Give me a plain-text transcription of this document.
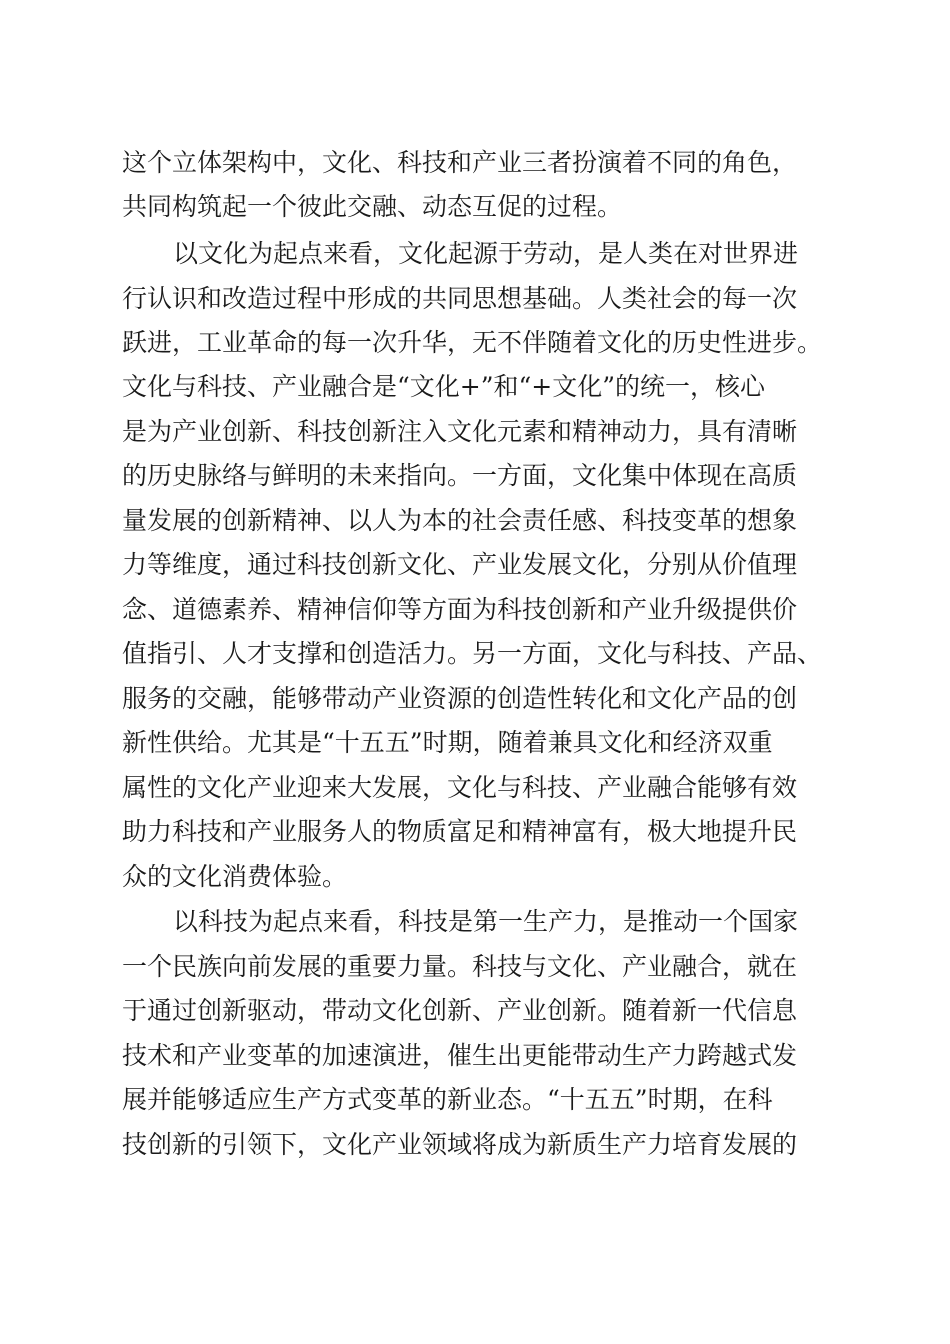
这个立体架构中，文化、科技和产业三者扮演着不同的角色，
共同构筑起一个彼此交融、动态互促的过程。
以文化为起点来看，文化起源于劳动，是人类在对世界进
行认识和改造过程中形成的共同思想基础。人类社会的每一次
跃进，工业革命的每一次升华，无不伴随着文化的历史性进步。
文化与科技、产业融合是“文化+”和“+文化”的统一，核心
是为产业创新、科技创新注入文化元素和精神动力，具有清晰
的历史脉络与鲜明的未来指向。一方面，文化集中体现在高质
量发展的创新精神、以人为本的社会责任感、科技变革的想象
力等维度，通过科技创新文化、产业发展文化，分别从价值理
念、道德素养、精神信仰等方面为科技创新和产业升级提供价
值指引、人才支撑和创造活力。另一方面，文化与科技、产品、
服务的交融，能够带动产业资源的创造性转化和文化产品的创
新性供给。尤其是“十五五”时期，随着兼具文化和经济双重
属性的文化产业迎来大发展，文化与科技、产业融合能够有效
助力科技和产业服务人的物质富足和精神富有，极大地提升民
众的文化消费体验。
以科技为起点来看，科技是第一生产力，是推动一个国家
一个民族向前发展的重要力量。科技与文化、产业融合，就在
于通过创新驱动，带动文化创新、产业创新。随着新一代信息
技术和产业变革的加速演进，催生出更能带动生产力跨越式发
展并能够适应生产方式变革的新业态。“十五五”时期，在科
技创新的引领下，文化产业领域将成为新质生产力培育发展的
